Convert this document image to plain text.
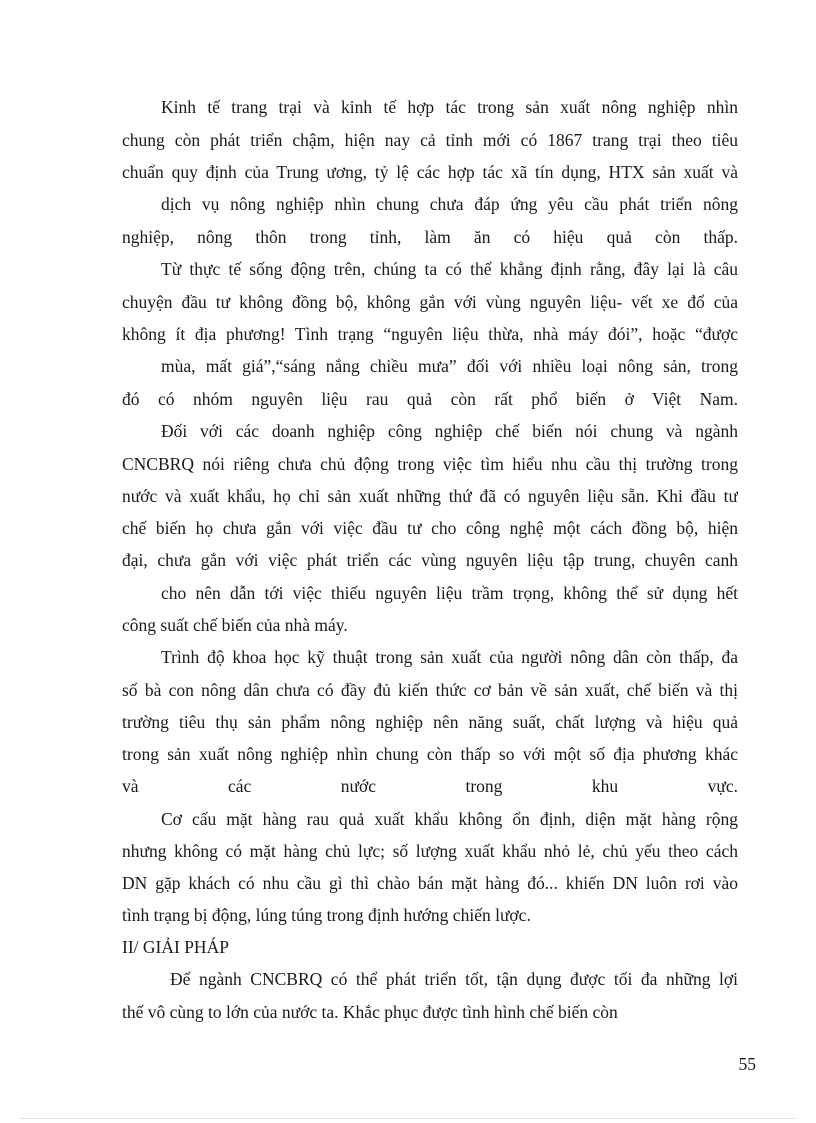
Kinh tế trang trại và kinh tế hợp tác trong sản xuất nông nghiệp nhìn
chung còn phát triển chậm, hiện nay cả tỉnh mới có 1867 trang trại theo tiêu
chuẩn quy định của Trung ương, tỷ lệ các hợp tác xã tín dụng, HTX sản xuất và
dịch vụ nông nghiệp nhìn chung chưa đáp ứng yêu cầu phát triển nông
nghiệp, nông thôn trong tỉnh, làm ăn có hiệu quả còn thấp.
Từ thực tế sống động trên, chúng ta có thể khẳng định rằng, đây lại là câu
chuyện đầu tư không đồng bộ, không gắn với vùng nguyên liệu- vết xe đổ của
không ít địa phương! Tình trạng “nguyên liệu thừa, nhà máy đói”, hoặc “được
mùa, mất giá”,“sáng nắng chiều mưa” đối với nhiều loại nông sản, trong
đó có nhóm nguyên liệu rau quả còn rất phổ biến ở Việt Nam.
Đối với các doanh nghiệp công nghiệp chế biến nói chung và ngành
CNCBRQ nói riêng chưa chủ động trong việc tìm hiểu nhu cầu thị trường trong
nước và xuất khẩu, họ chỉ sản xuất những thứ đã có nguyên liệu sẵn. Khi đầu tư
chế biến họ chưa gắn với việc đầu tư cho công nghệ một cách đồng bộ, hiện
đại, chưa gắn với việc phát triển các vùng nguyên liệu tập trung, chuyên canh
cho nên dẫn tới việc thiếu nguyên liệu trầm trọng, không thể sử dụng hết
công suất chế biến của nhà máy.
Trình độ khoa học kỹ thuật trong sản xuất của người nông dân còn thấp, đa
số bà con nông dân chưa có đầy đủ kiến thức cơ bản về sản xuất, chế biến và thị
trường tiêu thụ sản phẩm nông nghiệp nên năng suất, chất lượng và hiệu quả
trong sản xuất nông nghiệp nhìn chung còn thấp so với một số địa phương khác
và các nước trong khu vực.
Cơ cấu mặt hàng rau quả xuất khẩu không ổn định, diện mặt hàng rộng
nhưng không có mặt hàng chủ lực; số lượng xuất khẩu nhỏ lẻ, chủ yếu theo cách
DN gặp khách có nhu cầu gì thì chào bán mặt hàng đó... khiến DN luôn rơi vào
tình trạng bị động, lúng túng trong định hướng chiến lược.
II/ GIẢI PHÁP
Để ngành CNCBRQ có thể phát triển tốt, tận dụng được tối đa những lợi
thế vô cùng to lớn của nước ta. Khắc phục được tình hình chế biến còn
55
